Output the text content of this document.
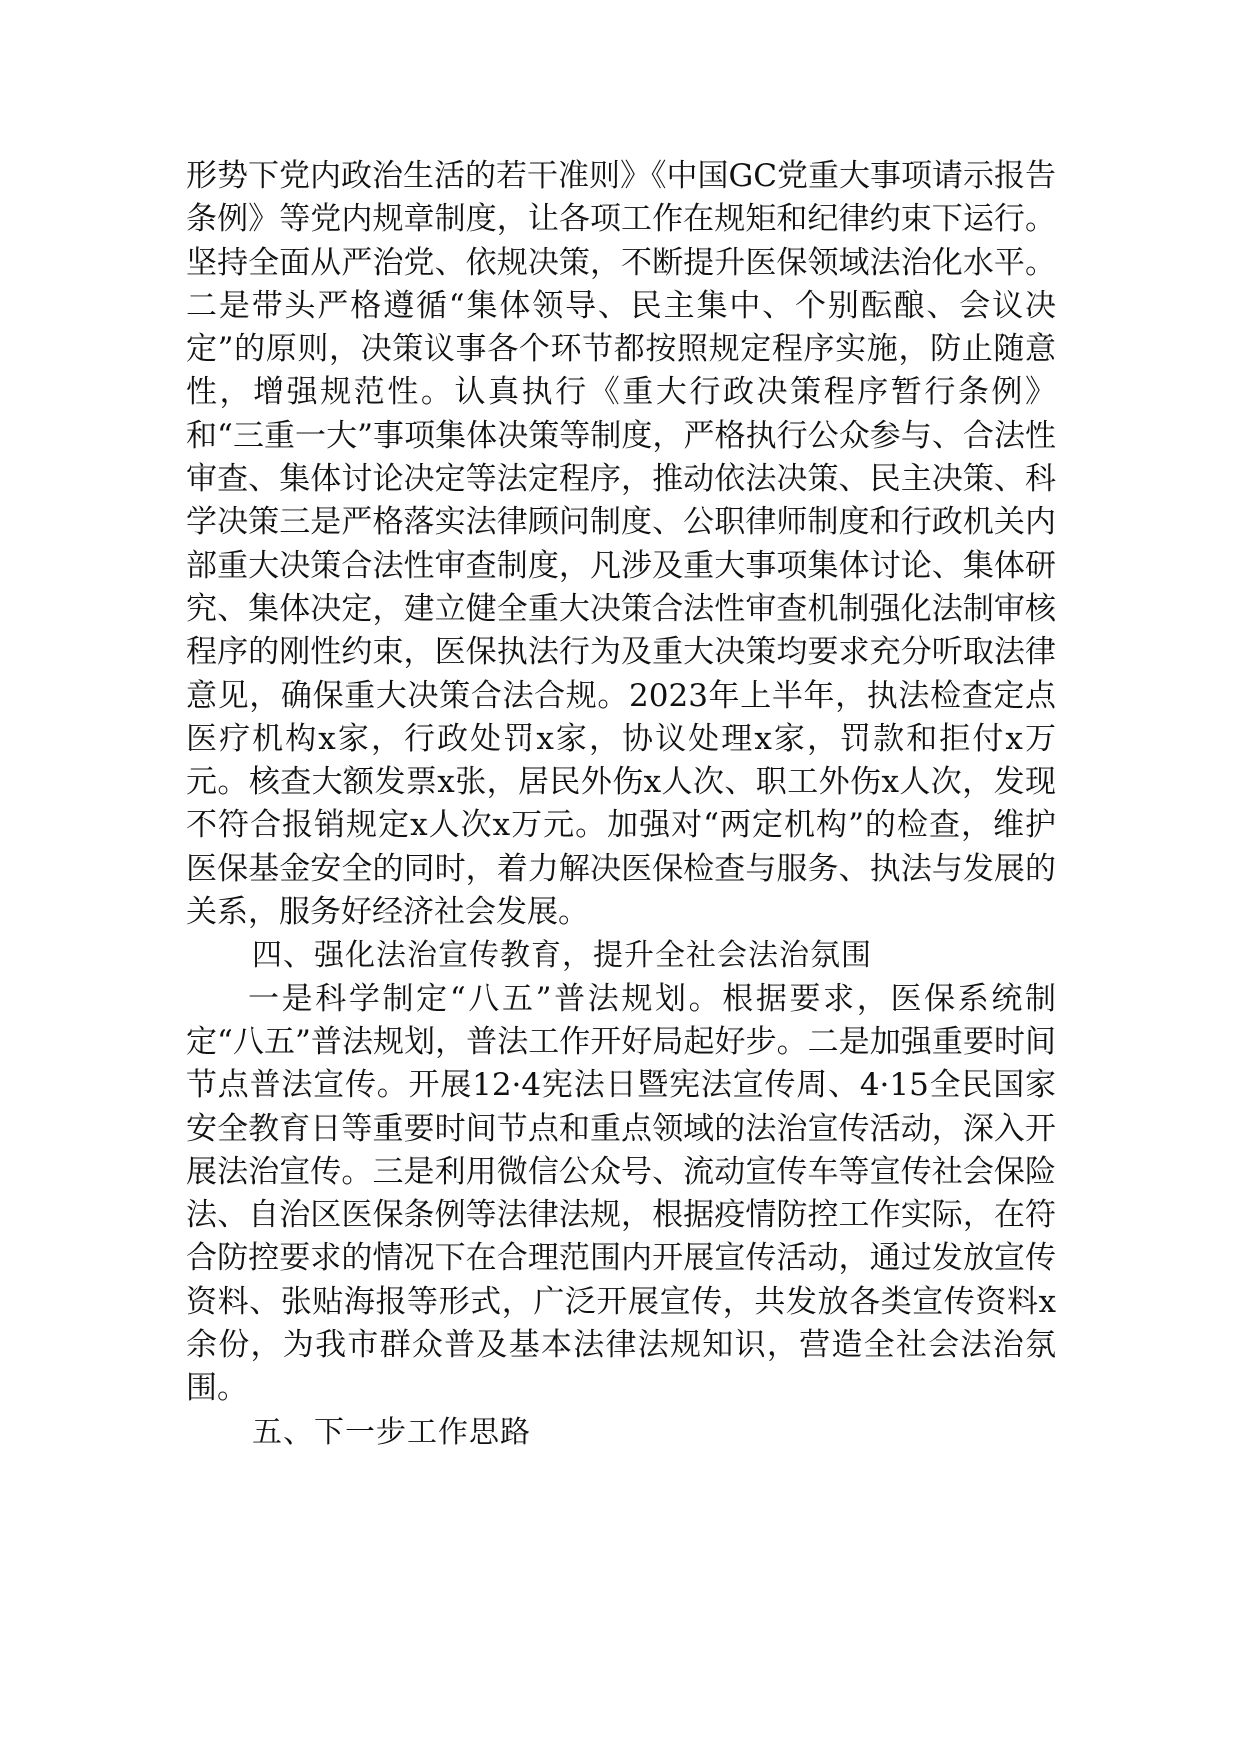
形势下党内政治生活的若干准则》《中国GC党重大事项请示报告条例》等党内规章制度，让各项工作在规矩和纪律约束下运行。坚持全面从严治党、依规决策，不断提升医保领域法治化水平。二是带头严格遵循“集体领导、民主集中、个别酝酿、会议决定”的原则，决策议事各个环节都按照规定程序实施，防止随意性，增强规范性。认真执行《重大行政决策程序暂行条例》和“三重一大”事项集体决策等制度，严格执行公众参与、合法性审查、集体讨论决定等法定程序，推动依法决策、民主决策、科学决策三是严格落实法律顾问制度、公职律师制度和行政机关内部重大决策合法性审查制度，凡涉及重大事项集体讨论、集体研究、集体决定，建立健全重大决策合法性审查机制强化法制审核程序的刚性约束，医保执法行为及重大决策均要求充分听取法律意见，确保重大决策合法合规。2023年上半年，执法检查定点医疗机构x家，行政处罚x家，协议处理x家，罚款和拒付x万元。核查大额发票x张，居民外伤x人次、职工外伤x人次，发现不符合报销规定x人次x万元。加强对“两定机构”的检查，维护医保基金安全的同时，着力解决医保检查与服务、执法与发展的关系，服务好经济社会发展。

四、强化法治宣传教育，提升全社会法治氛围

一是科学制定“八五”普法规划。根据要求，医保系统制定“八五”普法规划，普法工作开好局起好步。二是加强重要时间节点普法宣传。开展12·4宪法日暨宪法宣传周、4·15全民国家安全教育日等重要时间节点和重点领域的法治宣传活动，深入开展法治宣传。三是利用微信公众号、流动宣传车等宣传社会保险法、自治区医保条例等法律法规，根据疫情防控工作实际，在符合防控要求的情况下在合理范围内开展宣传活动，通过发放宣传资料、张贴海报等形式，广泛开展宣传，共发放各类宣传资料x余份，为我市群众普及基本法律法规知识，营造全社会法治氛围。

五、下一步工作思路
